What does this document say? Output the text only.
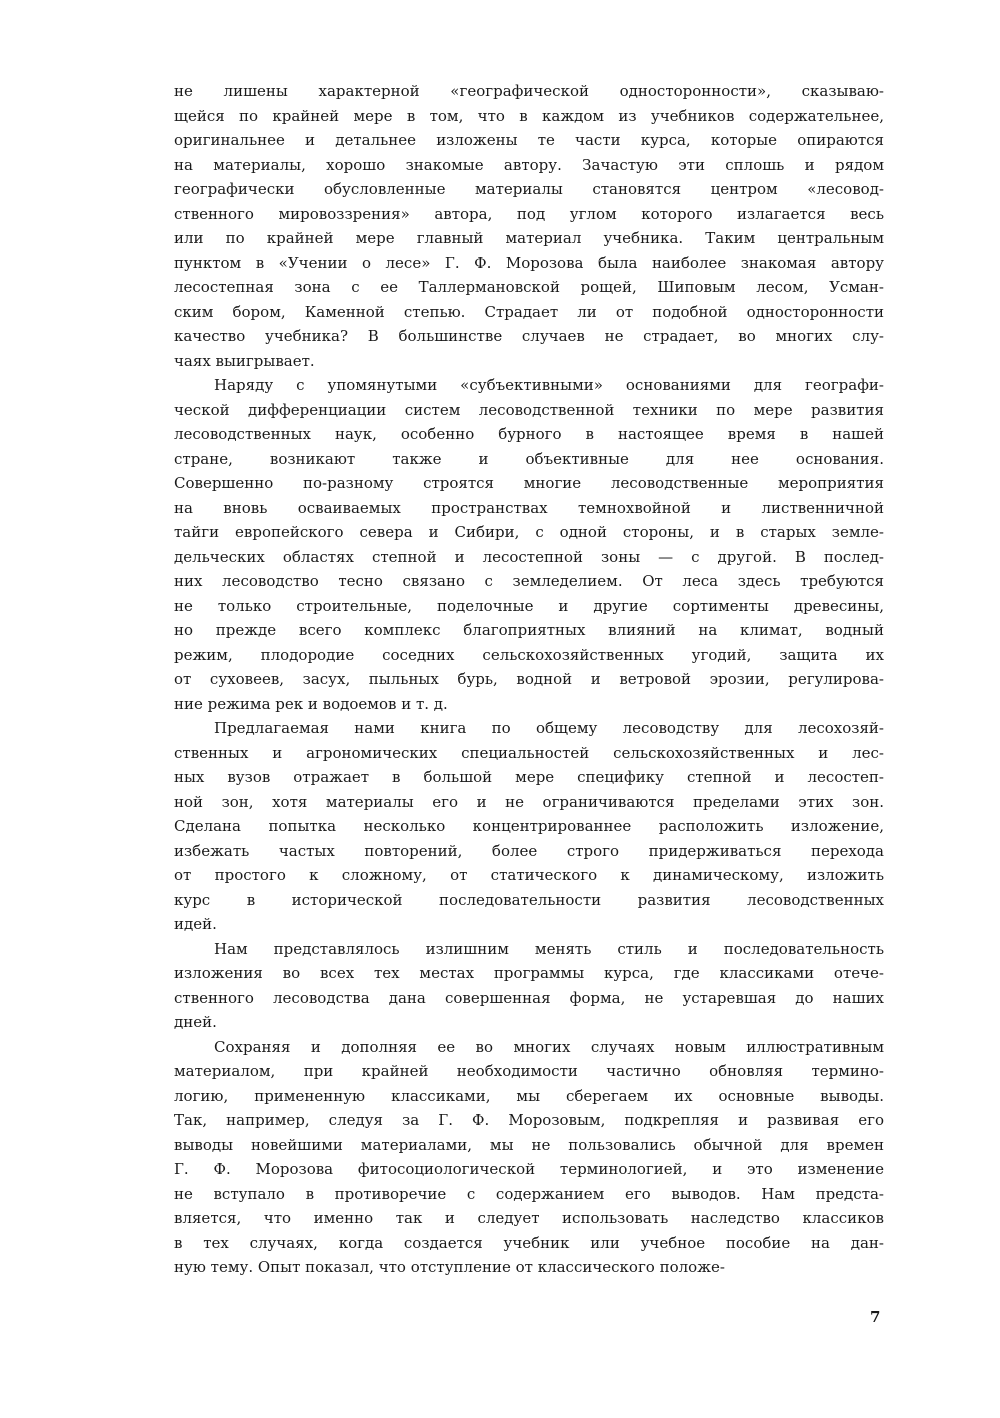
не лишены характерной «географической односторонности», сказываю-
щейся по крайней мере в том, что в каждом из учебников содержательнее,
оригинальнее и детальнее изложены те части курса, которые опираются
на материалы, хорошо знакомые автору. Зачастую эти сплошь и рядом
географически обусловленные материалы становятся центром «лесовод-
ственного мировоззрения» автора, под углом которого излагается весь
или по крайней мере главный материал учебника. Таким центральным
пунктом в «Учении о лесе» Г. Ф. Морозова была наиболее знакомая автору
лесостепная зона с ее Таллермановской рощей, Шиповым лесом, Усман-
ским бором, Каменной степью. Страдает ли от подобной односторонности
качество учебника? В большинстве случаев не страдает, во многих слу-
чаях выигрывает.

Наряду с упомянутыми «субъективными» основаниями для географи-
ческой дифференциации систем лесоводственной техники по мере развития
лесоводственных наук, особенно бурного в настоящее время в нашей
стране, возникают также и объективные для нее основания.
Совершенно по-разному строятся многие лесоводственные мероприятия
на вновь осваиваемых пространствах темнохвойной и лиственничной
тайги европейского севера и Сибири, с одной стороны, и в старых земле-
дельческих областях степной и лесостепной зоны — с другой. В послед-
них лесоводство тесно связано с земледелием. От леса здесь требуются
не только строительные, поделочные и другие сортименты древесины,
но прежде всего комплекс благоприятных влияний на климат, водный
режим, плодородие соседних сельскохозяйственных угодий, защита их
от суховеев, засух, пыльных бурь, водной и ветровой эрозии, регулирова-
ние режима рек и водоемов и т. д.

Предлагаемая нами книга по общему лесоводству для лесохозяй-
ственных и агрономических специальностей сельскохозяйственных и лес-
ных вузов отражает в большой мере специфику степной и лесостеп-
ной зон, хотя материалы его и не ограничиваются пределами этих зон.
Сделана попытка несколько концентрированнее расположить изложение,
избежать частых повторений, более строго придерживаться перехода
от простого к сложному, от статического к динамическому, изложить
курс в исторической последовательности развития лесоводственных
идей.

Нам представлялось излишним менять стиль и последовательность
изложения во всех тех местах программы курса, где классиками отече-
ственного лесоводства дана совершенная форма, не устаревшая до наших
дней.

Сохраняя и дополняя ее во многих случаях новым иллюстративным
материалом, при крайней необходимости частично обновляя термино-
логию, примененную классиками, мы сберегаем их основные выводы.
Так, например, следуя за Г. Ф. Морозовым, подкрепляя и развивая его
выводы новейшими материалами, мы не пользовались обычной для времен
Г. Ф. Морозова фитосоциологической терминологией, и это изменение
не вступало в противоречие с содержанием его выводов. Нам предста-
вляется, что именно так и следует использовать наследство классиков
в тех случаях, когда создается учебник или учебное пособие на дан-
ную тему. Опыт показал, что отступление от классического положе-

7
